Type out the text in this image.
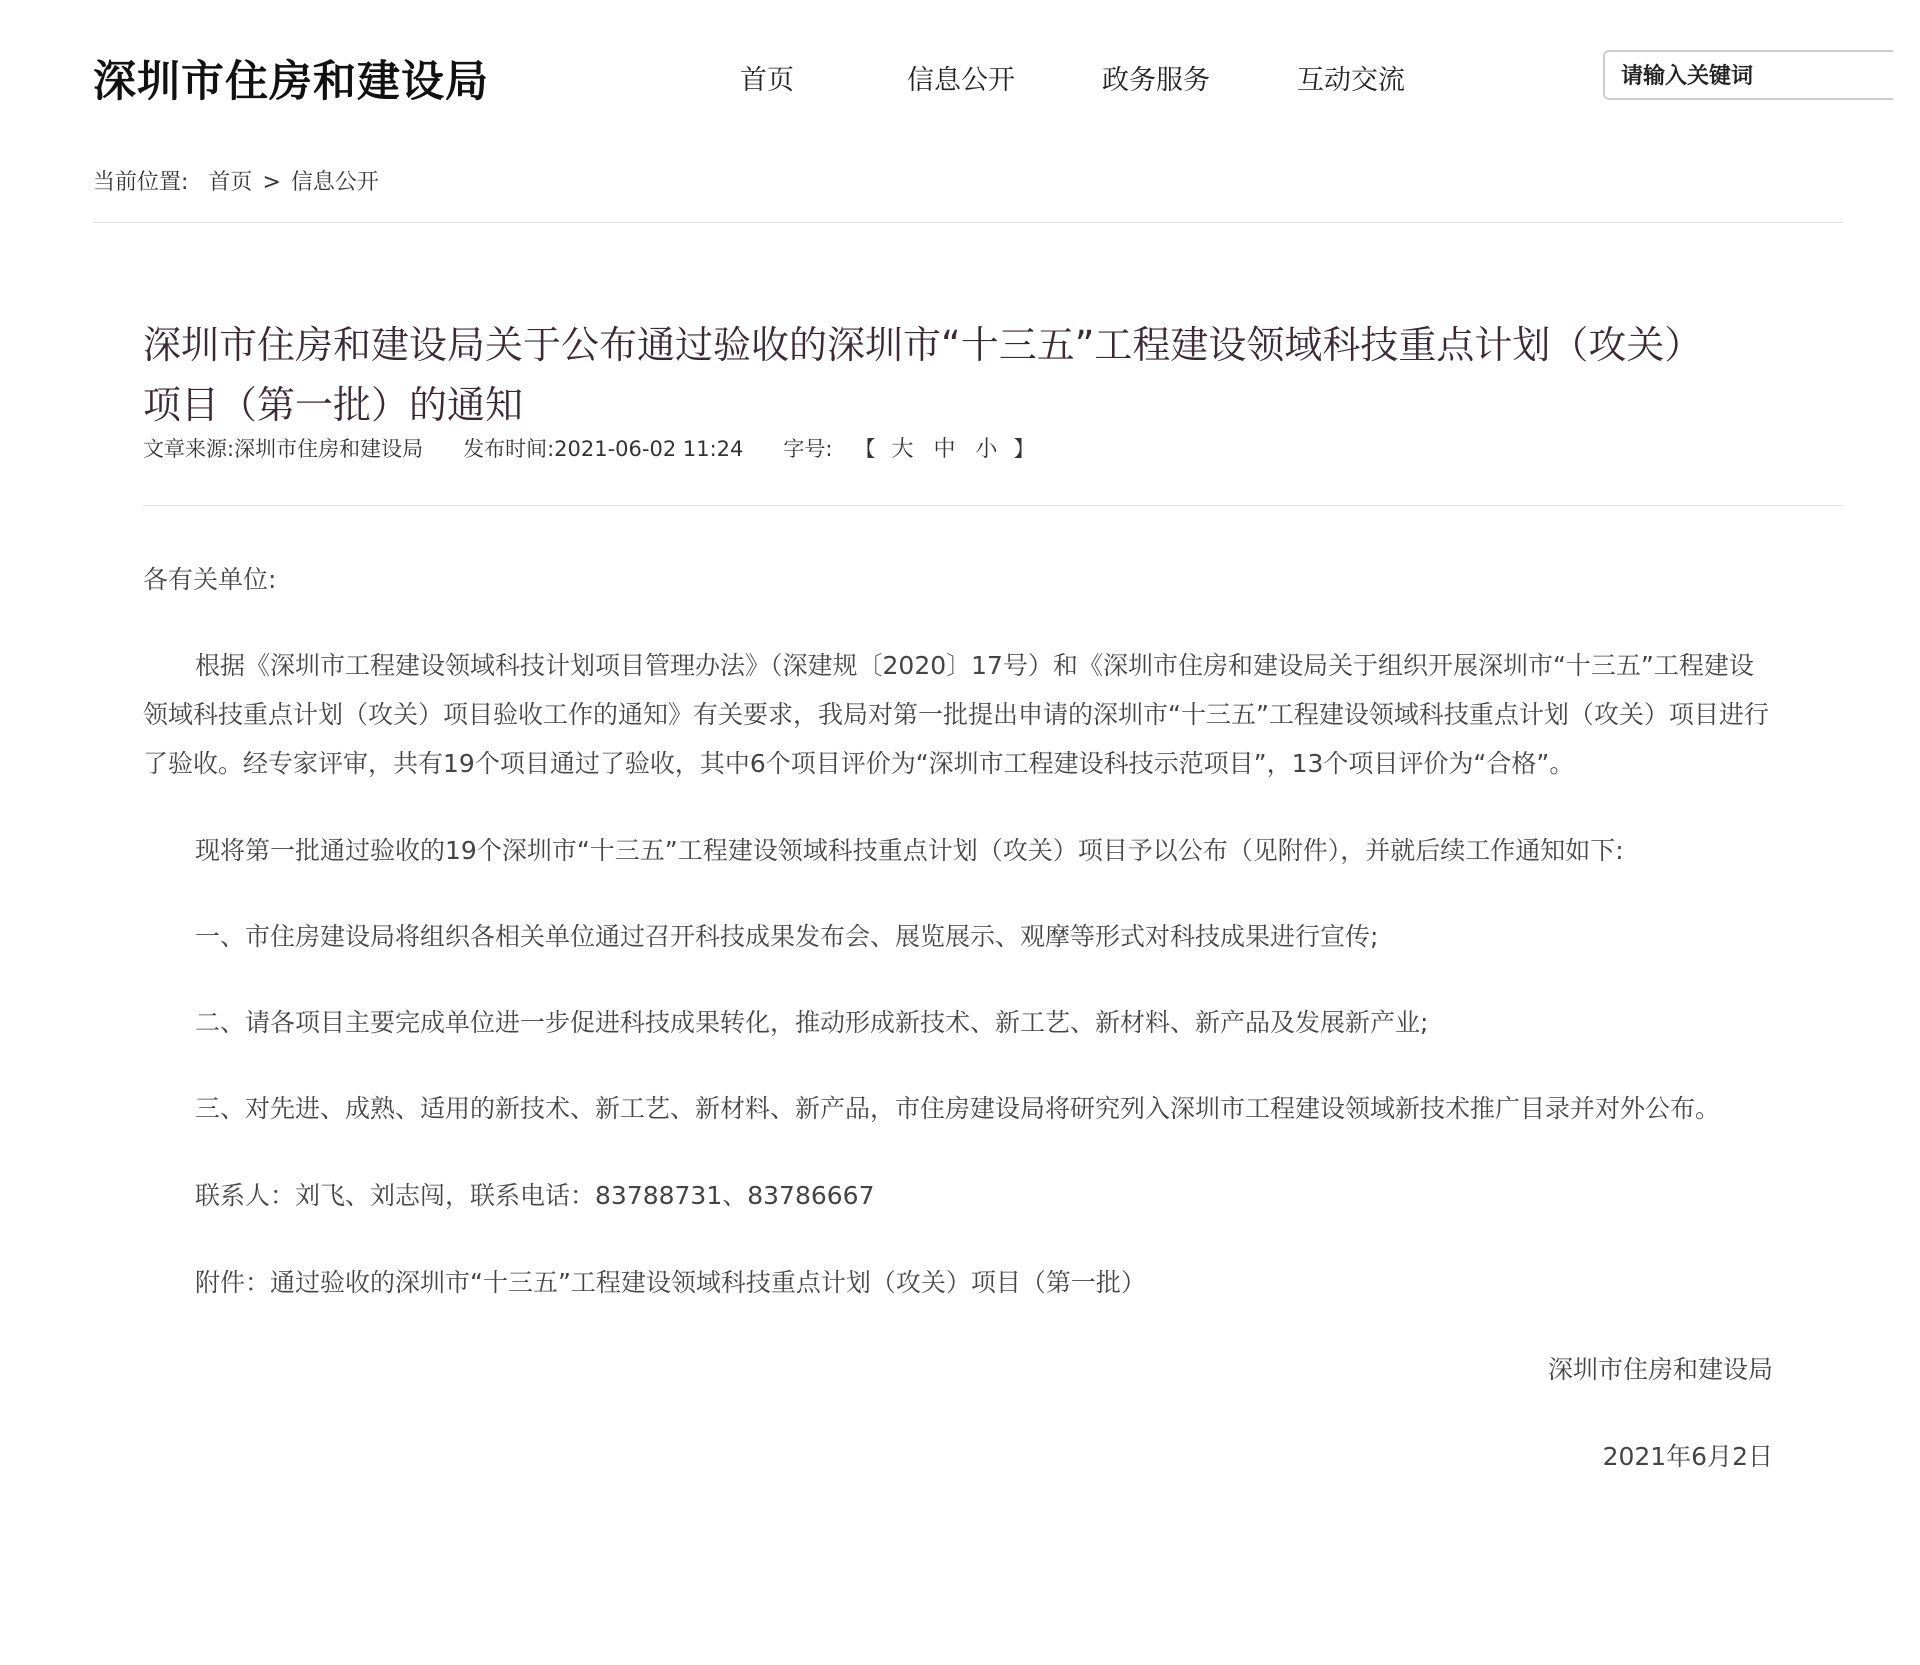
深圳市住房和建设局	首页	信息公开	政务服务	互动交流
请输入关键词
当前位置: 首页 > 信息公开
深圳市住房和建设局关于公布通过验收的深圳市“十三五”工程建设领域科技重点计划（攻关）项目（第一批）的通知
文章来源:深圳市住房和建设局 发布时间:2021-06-02 11:24 字号: 【 大 中 小 】

各有关单位:

根据《深圳市工程建设领域科技计划项目管理办法》（深建规〔2020〕17号）和《深圳市住房和建设局关于组织开展深圳市“十三五”工程建设领域科技重点计划（攻关）项目验收工作的通知》有关要求，我局对第一批提出申请的深圳市“十三五”工程建设领域科技重点计划（攻关）项目进行了验收。经专家评审，共有19个项目通过了验收，其中6个项目评价为“深圳市工程建设科技示范项目”，13个项目评价为“合格”。

现将第一批通过验收的19个深圳市“十三五”工程建设领域科技重点计划（攻关）项目予以公布（见附件），并就后续工作通知如下:

一、市住房建设局将组织各相关单位通过召开科技成果发布会、展览展示、观摩等形式对科技成果进行宣传;

二、请各项目主要完成单位进一步促进科技成果转化，推动形成新技术、新工艺、新材料、新产品及发展新产业;

三、对先进、成熟、适用的新技术、新工艺、新材料、新产品，市住房建设局将研究列入深圳市工程建设领域新技术推广目录并对外公布。

联系人：刘飞、刘志闯，联系电话：83788731、83786667

附件：通过验收的深圳市“十三五”工程建设领域科技重点计划（攻关）项目（第一批）

深圳市住房和建设局

2021年6月2日
